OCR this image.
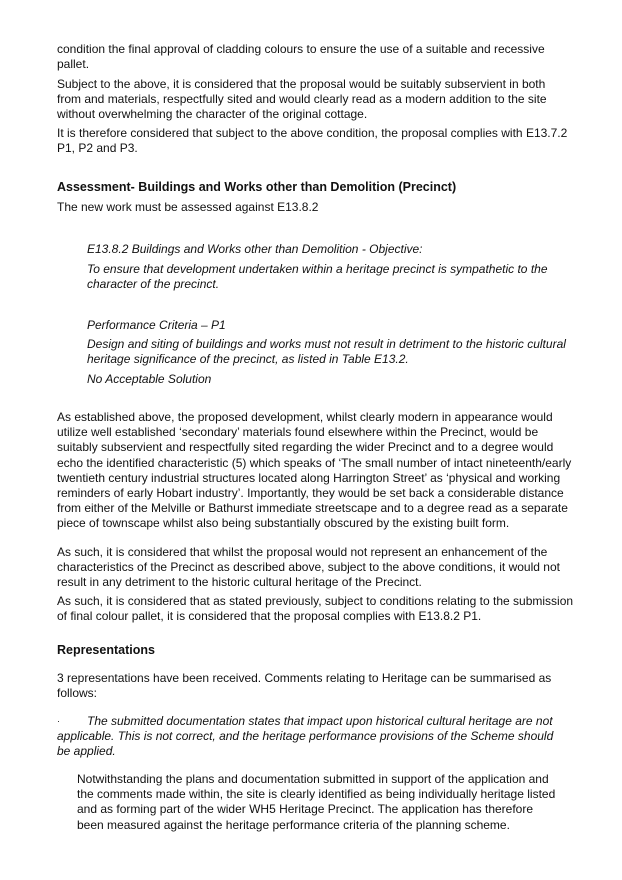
condition the final approval of cladding colours to ensure the use of a suitable and recessive pallet.

Subject to the above, it is considered that the proposal would be suitably subservient in both from and materials, respectfully sited and would clearly read as a modern addition to the site without overwhelming the character of the original cottage.

It is therefore considered that subject to the above condition, the proposal complies with E13.7.2 P1, P2 and P3.

Assessment- Buildings and Works other than Demolition (Precinct)

The new work must be assessed against E13.8.2

E13.8.2 Buildings and Works other than Demolition - Objective:

To ensure that development undertaken within a heritage precinct is sympathetic to the character of the precinct.

Performance Criteria – P1

Design and siting of buildings and works must not result in detriment to the historic cultural heritage significance of the precinct, as listed in Table E13.2.

No Acceptable Solution

As established above, the proposed development, whilst clearly modern in appearance would utilize well established ‘secondary’ materials found elsewhere within the Precinct, would be suitably subservient and respectfully sited regarding the wider Precinct and to a degree would echo the identified characteristic (5) which speaks of ‘The small number of intact nineteenth/early twentieth century industrial structures located along Harrington Street’ as ‘physical and working reminders of early Hobart industry’. Importantly, they would be set back a considerable distance from either of the Melville or Bathurst immediate streetscape and to a degree read as a separate piece of townscape whilst also being substantially obscured by the existing built form.

As such, it is considered that whilst the proposal would not represent an enhancement of the characteristics of the Precinct as described above, subject to the above conditions, it would not result in any detriment to the historic cultural heritage of the Precinct.

As such, it is considered that as stated previously, subject to conditions relating to the submission of final colour pallet, it is considered that the proposal complies with E13.8.2 P1.

Representations

3 representations have been received. Comments relating to Heritage can be summarised as follows:

· The submitted documentation states that impact upon historical cultural heritage are not applicable. This is not correct, and the heritage performance provisions of the Scheme should be applied.

Notwithstanding the plans and documentation submitted in support of the application and the comments made within, the site is clearly identified as being individually heritage listed and as forming part of the wider WH5 Heritage Precinct. The application has therefore been measured against the heritage performance criteria of the planning scheme.
